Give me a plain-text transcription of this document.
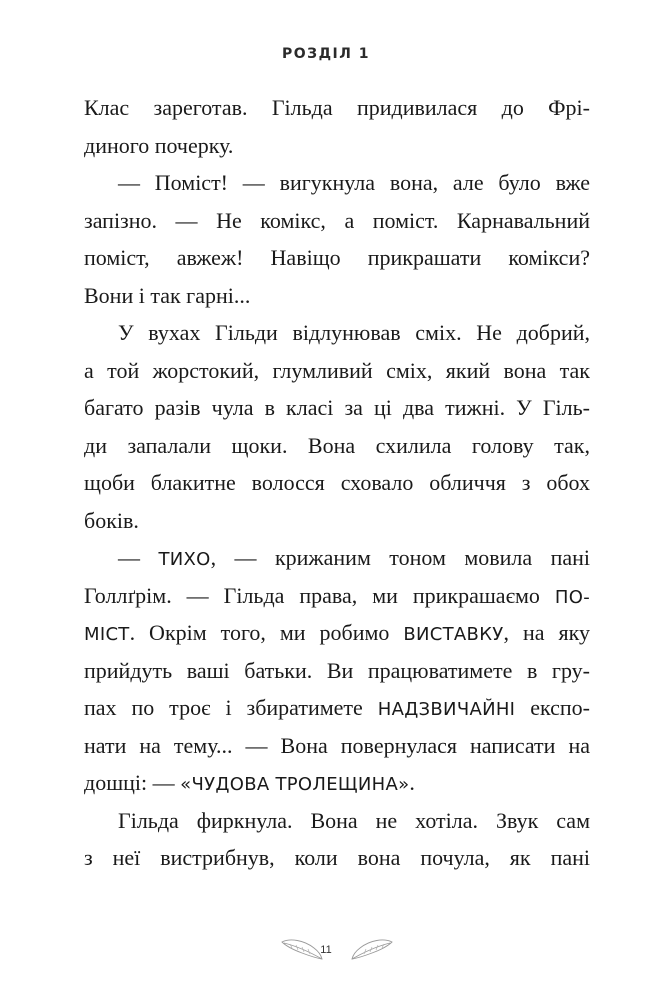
РОЗДІЛ 1
Клас зареготав. Гільда придивилася до Фрі-
диного почерку.
— Поміст! — вигукнула вона, але було вже
запізно. — Не комікс, а поміст. Карнавальний
поміст, авжеж! Навіщо прикрашати комікси?
Вони і так гарні...
У вухах Гільди відлунював сміх. Не добрий,
а той жорстокий, глумливий сміх, який вона так
багато разів чула в класі за ці два тижні. У Гіль-
ди запалали щоки. Вона схилила голову так,
щоби блакитне волосся сховало обличчя з обох
боків.
— ТИХО, — крижаним тоном мовила пані
Голлґрім. — Гільда права, ми прикрашаємо ПО-
МІСТ. Окрім того, ми робимо ВИСТАВКУ, на яку
прийдуть ваші батьки. Ви працюватимете в гру-
пах по троє і збиратимете НАДЗВИЧАЙНІ експо-
нати на тему... — Вона повернулася написати на
дошці: — «ЧУДОВА ТРОЛЕЩИНА».
Гільда фиркнула. Вона не хотіла. Звук сам
з неї вистрибнув, коли вона почула, як пані
11
